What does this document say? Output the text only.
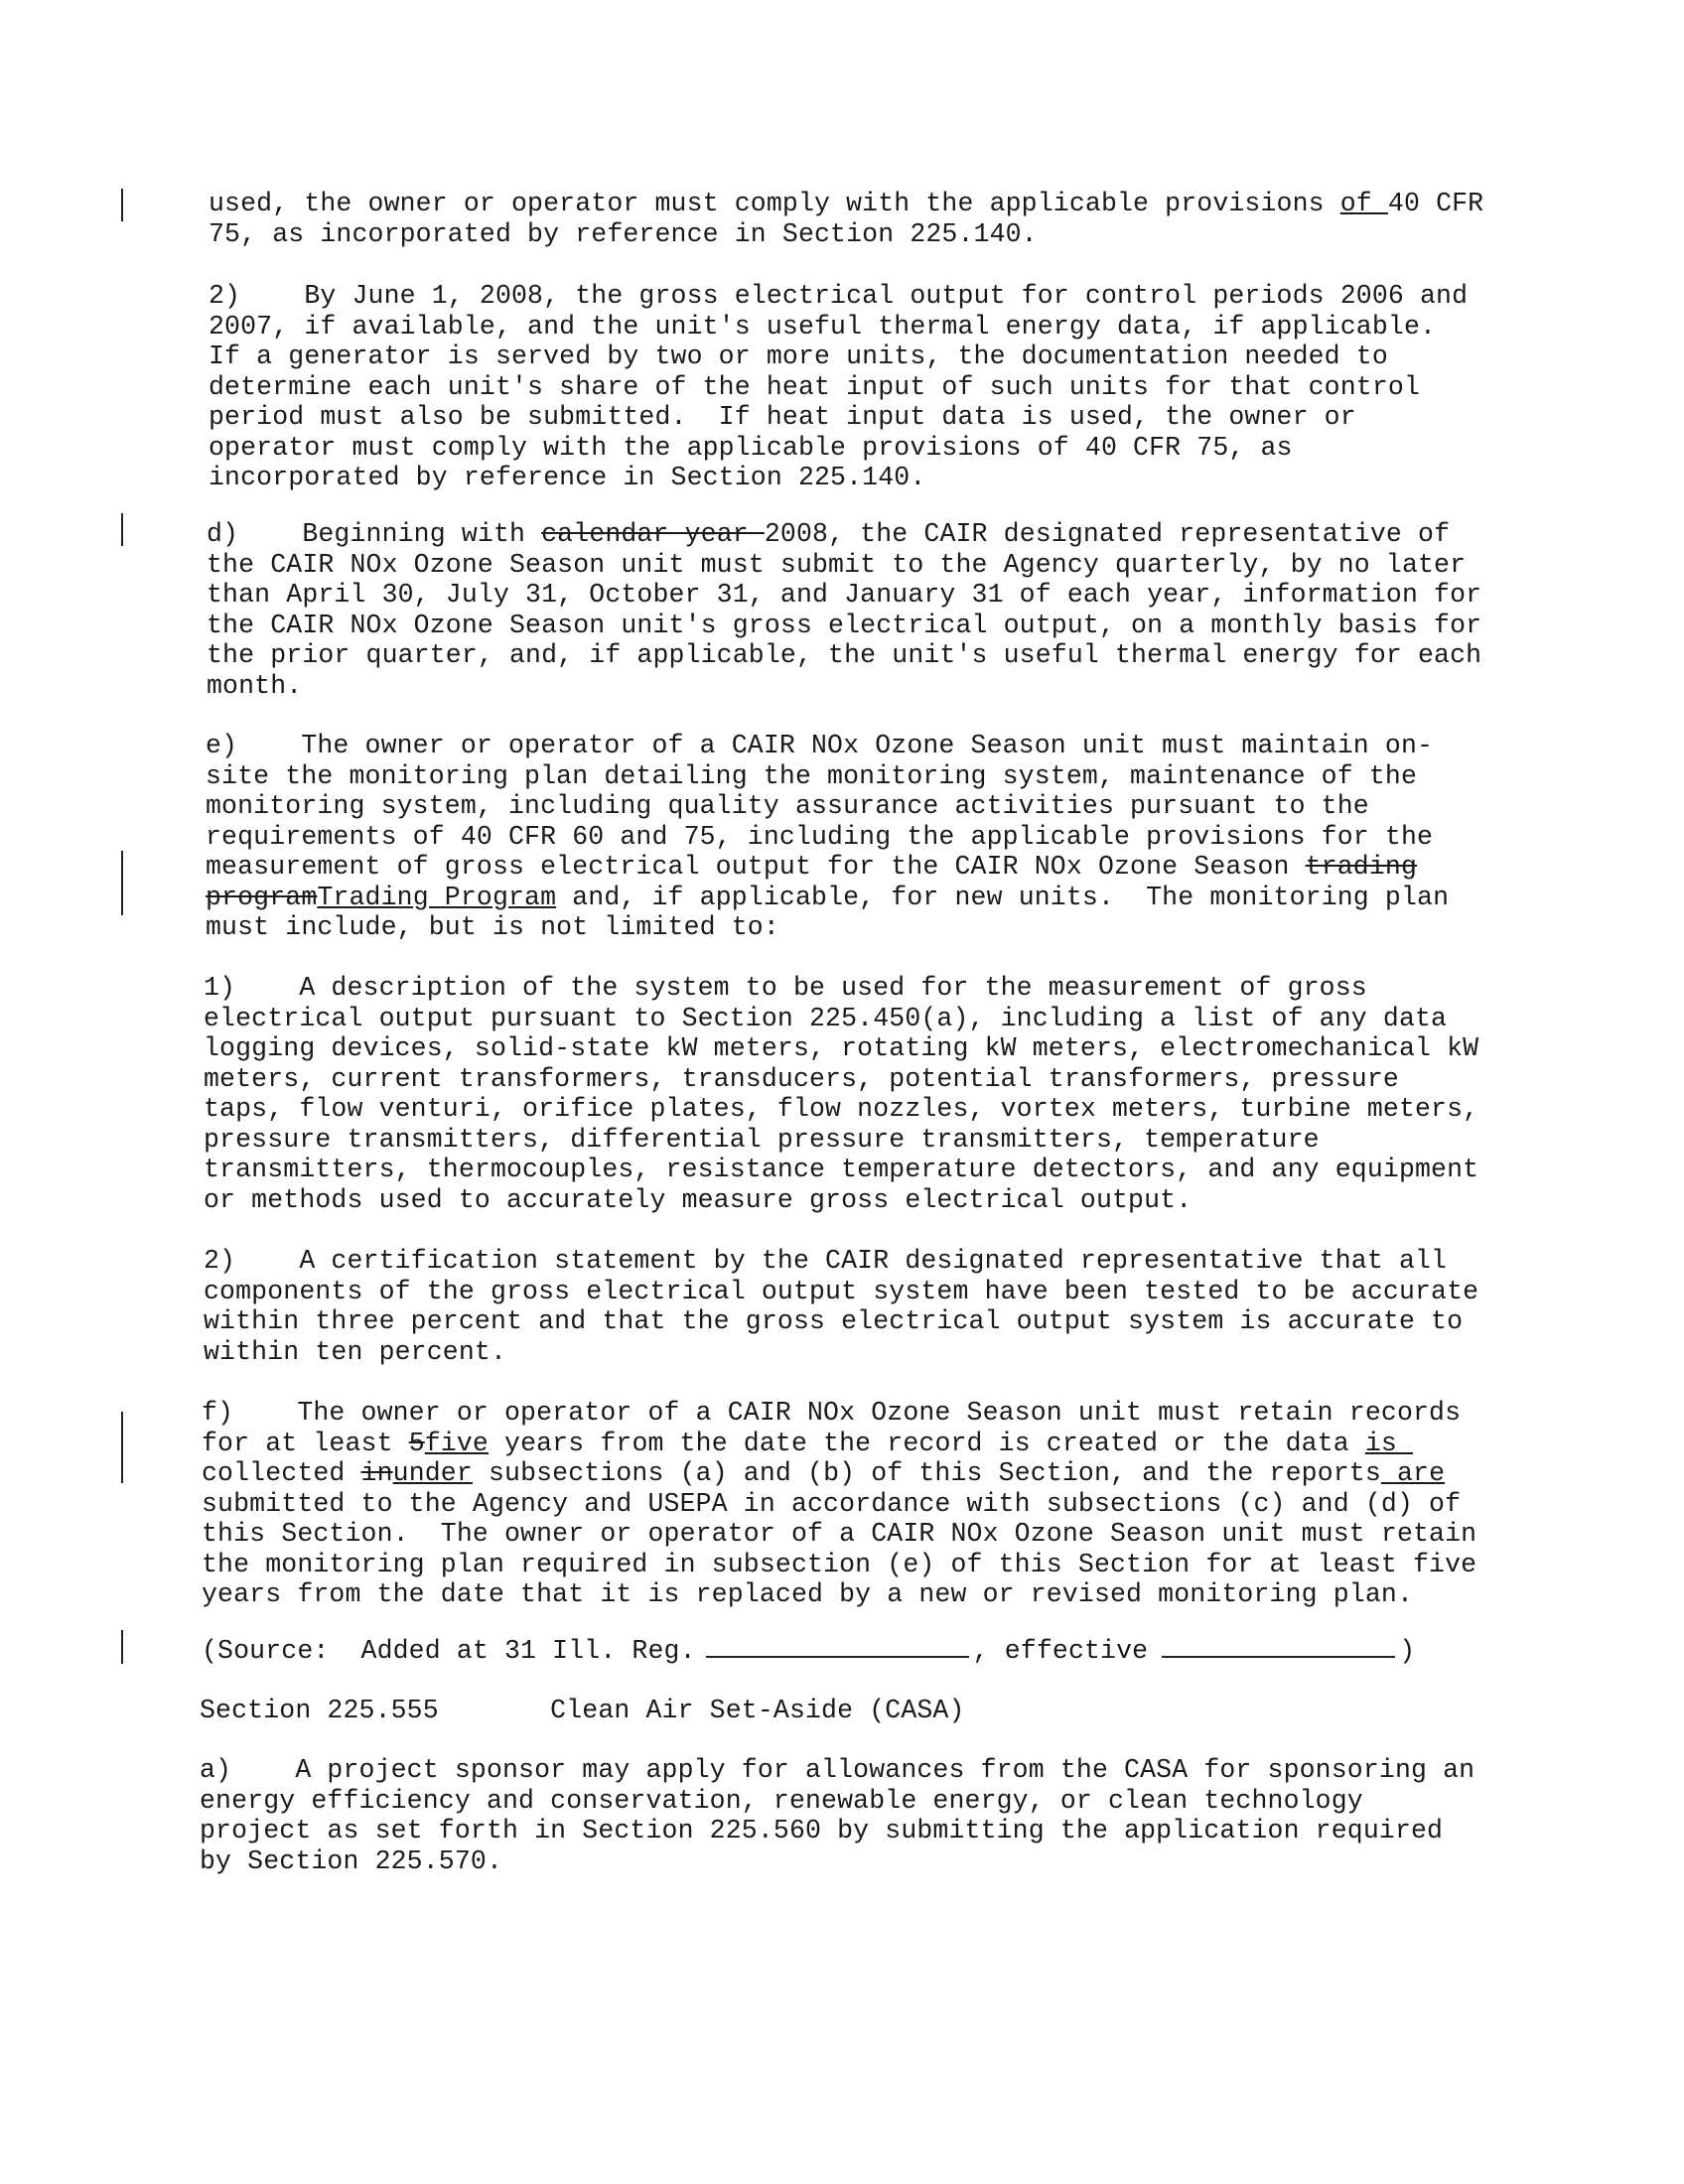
used, the owner or operator must comply with the applicable provisions of 40 CFR
75, as incorporated by reference in Section 225.140.

2)    By June 1, 2008, the gross electrical output for control periods 2006 and
2007, if available, and the unit's useful thermal energy data, if applicable.
If a generator is served by two or more units, the documentation needed to
determine each unit's share of the heat input of such units for that control
period must also be submitted.  If heat input data is used, the owner or
operator must comply with the applicable provisions of 40 CFR 75, as
incorporated by reference in Section 225.140.

d)    Beginning with calendar year 2008, the CAIR designated representative of
the CAIR NOx Ozone Season unit must submit to the Agency quarterly, by no later
than April 30, July 31, October 31, and January 31 of each year, information for
the CAIR NOx Ozone Season unit's gross electrical output, on a monthly basis for
the prior quarter, and, if applicable, the unit's useful thermal energy for each
month.

e)    The owner or operator of a CAIR NOx Ozone Season unit must maintain on-
site the monitoring plan detailing the monitoring system, maintenance of the
monitoring system, including quality assurance activities pursuant to the
requirements of 40 CFR 60 and 75, including the applicable provisions for the
measurement of gross electrical output for the CAIR NOx Ozone Season trading
programTrading Program and, if applicable, for new units.  The monitoring plan
must include, but is not limited to:

1)    A description of the system to be used for the measurement of gross
electrical output pursuant to Section 225.450(a), including a list of any data
logging devices, solid-state kW meters, rotating kW meters, electromechanical kW
meters, current transformers, transducers, potential transformers, pressure
taps, flow venturi, orifice plates, flow nozzles, vortex meters, turbine meters,
pressure transmitters, differential pressure transmitters, temperature
transmitters, thermocouples, resistance temperature detectors, and any equipment
or methods used to accurately measure gross electrical output.

2)    A certification statement by the CAIR designated representative that all
components of the gross electrical output system have been tested to be accurate
within three percent and that the gross electrical output system is accurate to
within ten percent.

f)    The owner or operator of a CAIR NOx Ozone Season unit must retain records
for at least 5five years from the date the record is created or the data is
collected inunder subsections (a) and (b) of this Section, and the reports are
submitted to the Agency and USEPA in accordance with subsections (c) and (d) of
this Section.  The owner or operator of a CAIR NOx Ozone Season unit must retain
the monitoring plan required in subsection (e) of this Section for at least five
years from the date that it is replaced by a new or revised monitoring plan.

(Source:  Added at 31 Ill. Reg.	, effective	)

Section 225.555       Clean Air Set-Aside (CASA)

a)    A project sponsor may apply for allowances from the CASA for sponsoring an
energy efficiency and conservation, renewable energy, or clean technology
project as set forth in Section 225.560 by submitting the application required
by Section 225.570.
